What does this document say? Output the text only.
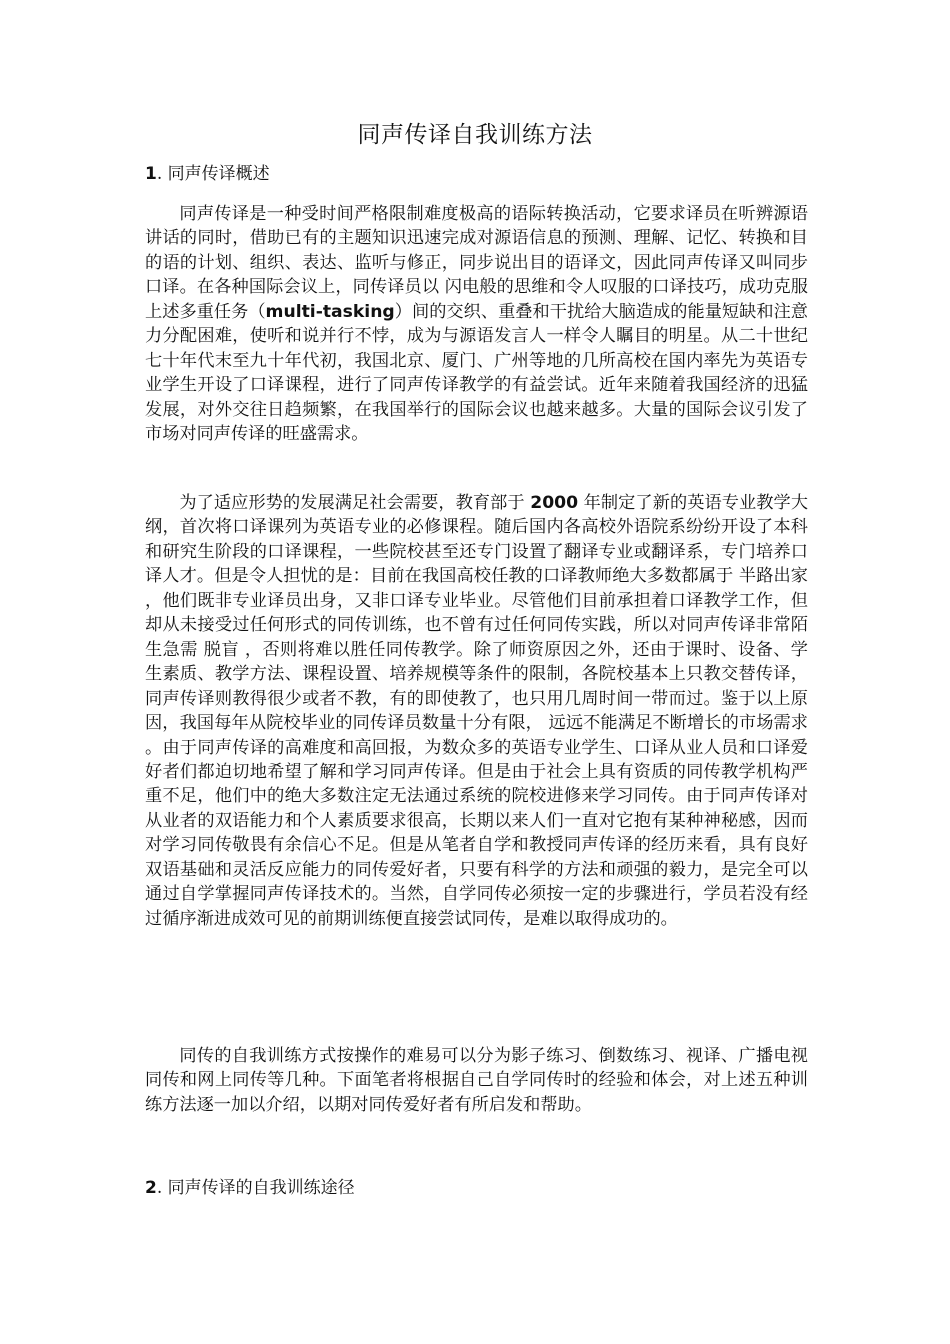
同声传译自我训练方法
1. 同声传译概述

同声传译是一种受时间严格限制难度极高的语际转换活动，它要求译员在听辨源语讲话的同时，借助已有的主题知识迅速完成对源语信息的预测、理解、记忆、转换和目的语的计划、组织、表达、监听与修正，同步说出目的语译文，因此同声传译又叫同步口译。在各种国际会议上，同传译员以 闪电般的思维和令人叹服的口译技巧，成功克服上述多重任务（multi-tasking）间的交织、重叠和干扰给大脑造成的能量短缺和注意力分配困难，使听和说并行不悖，成为与源语发言人一样令人瞩目的明星。从二十世纪七十年代末至九十年代初，我国北京、厦门、广州等地的几所高校在国内率先为英语专业学生开设了口译课程，进行了同声传译教学的有益尝试。近年来随着我国经济的迅猛发展，对外交往日趋频繁，在我国举行的国际会议也越来越多。大量的国际会议引发了市场对同声传译的旺盛需求。

为了适应形势的发展满足社会需要，教育部于 2000 年制定了新的英语专业教学大纲，首次将口译课列为英语专业的必修课程。随后国内各高校外语院系纷纷开设了本科和研究生阶段的口译课程，一些院校甚至还专门设置了翻译专业或翻译系，专门培养口译人才。但是令人担忧的是：目前在我国高校任教的口译教师绝大多数都属于 半路出家 ，他们既非专业译员出身，又非口译专业毕业。尽管他们目前承担着口译教学工作，但却从未接受过任何形式的同传训练，也不曾有过任何同传实践，所以对同声传译非常陌生急需 脱盲 ，否则将难以胜任同传教学。除了师资原因之外，还由于课时、设备、学生素质、教学方法、课程设置、培养规模等条件的限制，各院校基本上只教交替传译，同声传译则教得很少或者不教，有的即使教了，也只用几周时间一带而过。鉴于以上原因，我国每年从院校毕业的同传译员数量十分有限， 远远不能满足不断增长的市场需求 。由于同声传译的高难度和高回报，为数众多的英语专业学生、口译从业人员和口译爱好者们都迫切地希望了解和学习同声传译。但是由于社会上具有资质的同传教学机构严重不足，他们中的绝大多数注定无法通过系统的院校进修来学习同传。由于同声传译对从业者的双语能力和个人素质要求很高，长期以来人们一直对它抱有某种神秘感，因而对学习同传敬畏有余信心不足。但是从笔者自学和教授同声传译的经历来看，具有良好双语基础和灵活反应能力的同传爱好者，只要有科学的方法和顽强的毅力，是完全可以通过自学掌握同声传译技术的。当然，自学同传必须按一定的步骤进行，学员若没有经过循序渐进成效可见的前期训练便直接尝试同传，是难以取得成功的。

同传的自我训练方式按操作的难易可以分为影子练习、倒数练习、视译、广播电视同传和网上同传等几种。下面笔者将根据自己自学同传时的经验和体会，对上述五种训练方法逐一加以介绍，以期对同传爱好者有所启发和帮助。

2. 同声传译的自我训练途径
